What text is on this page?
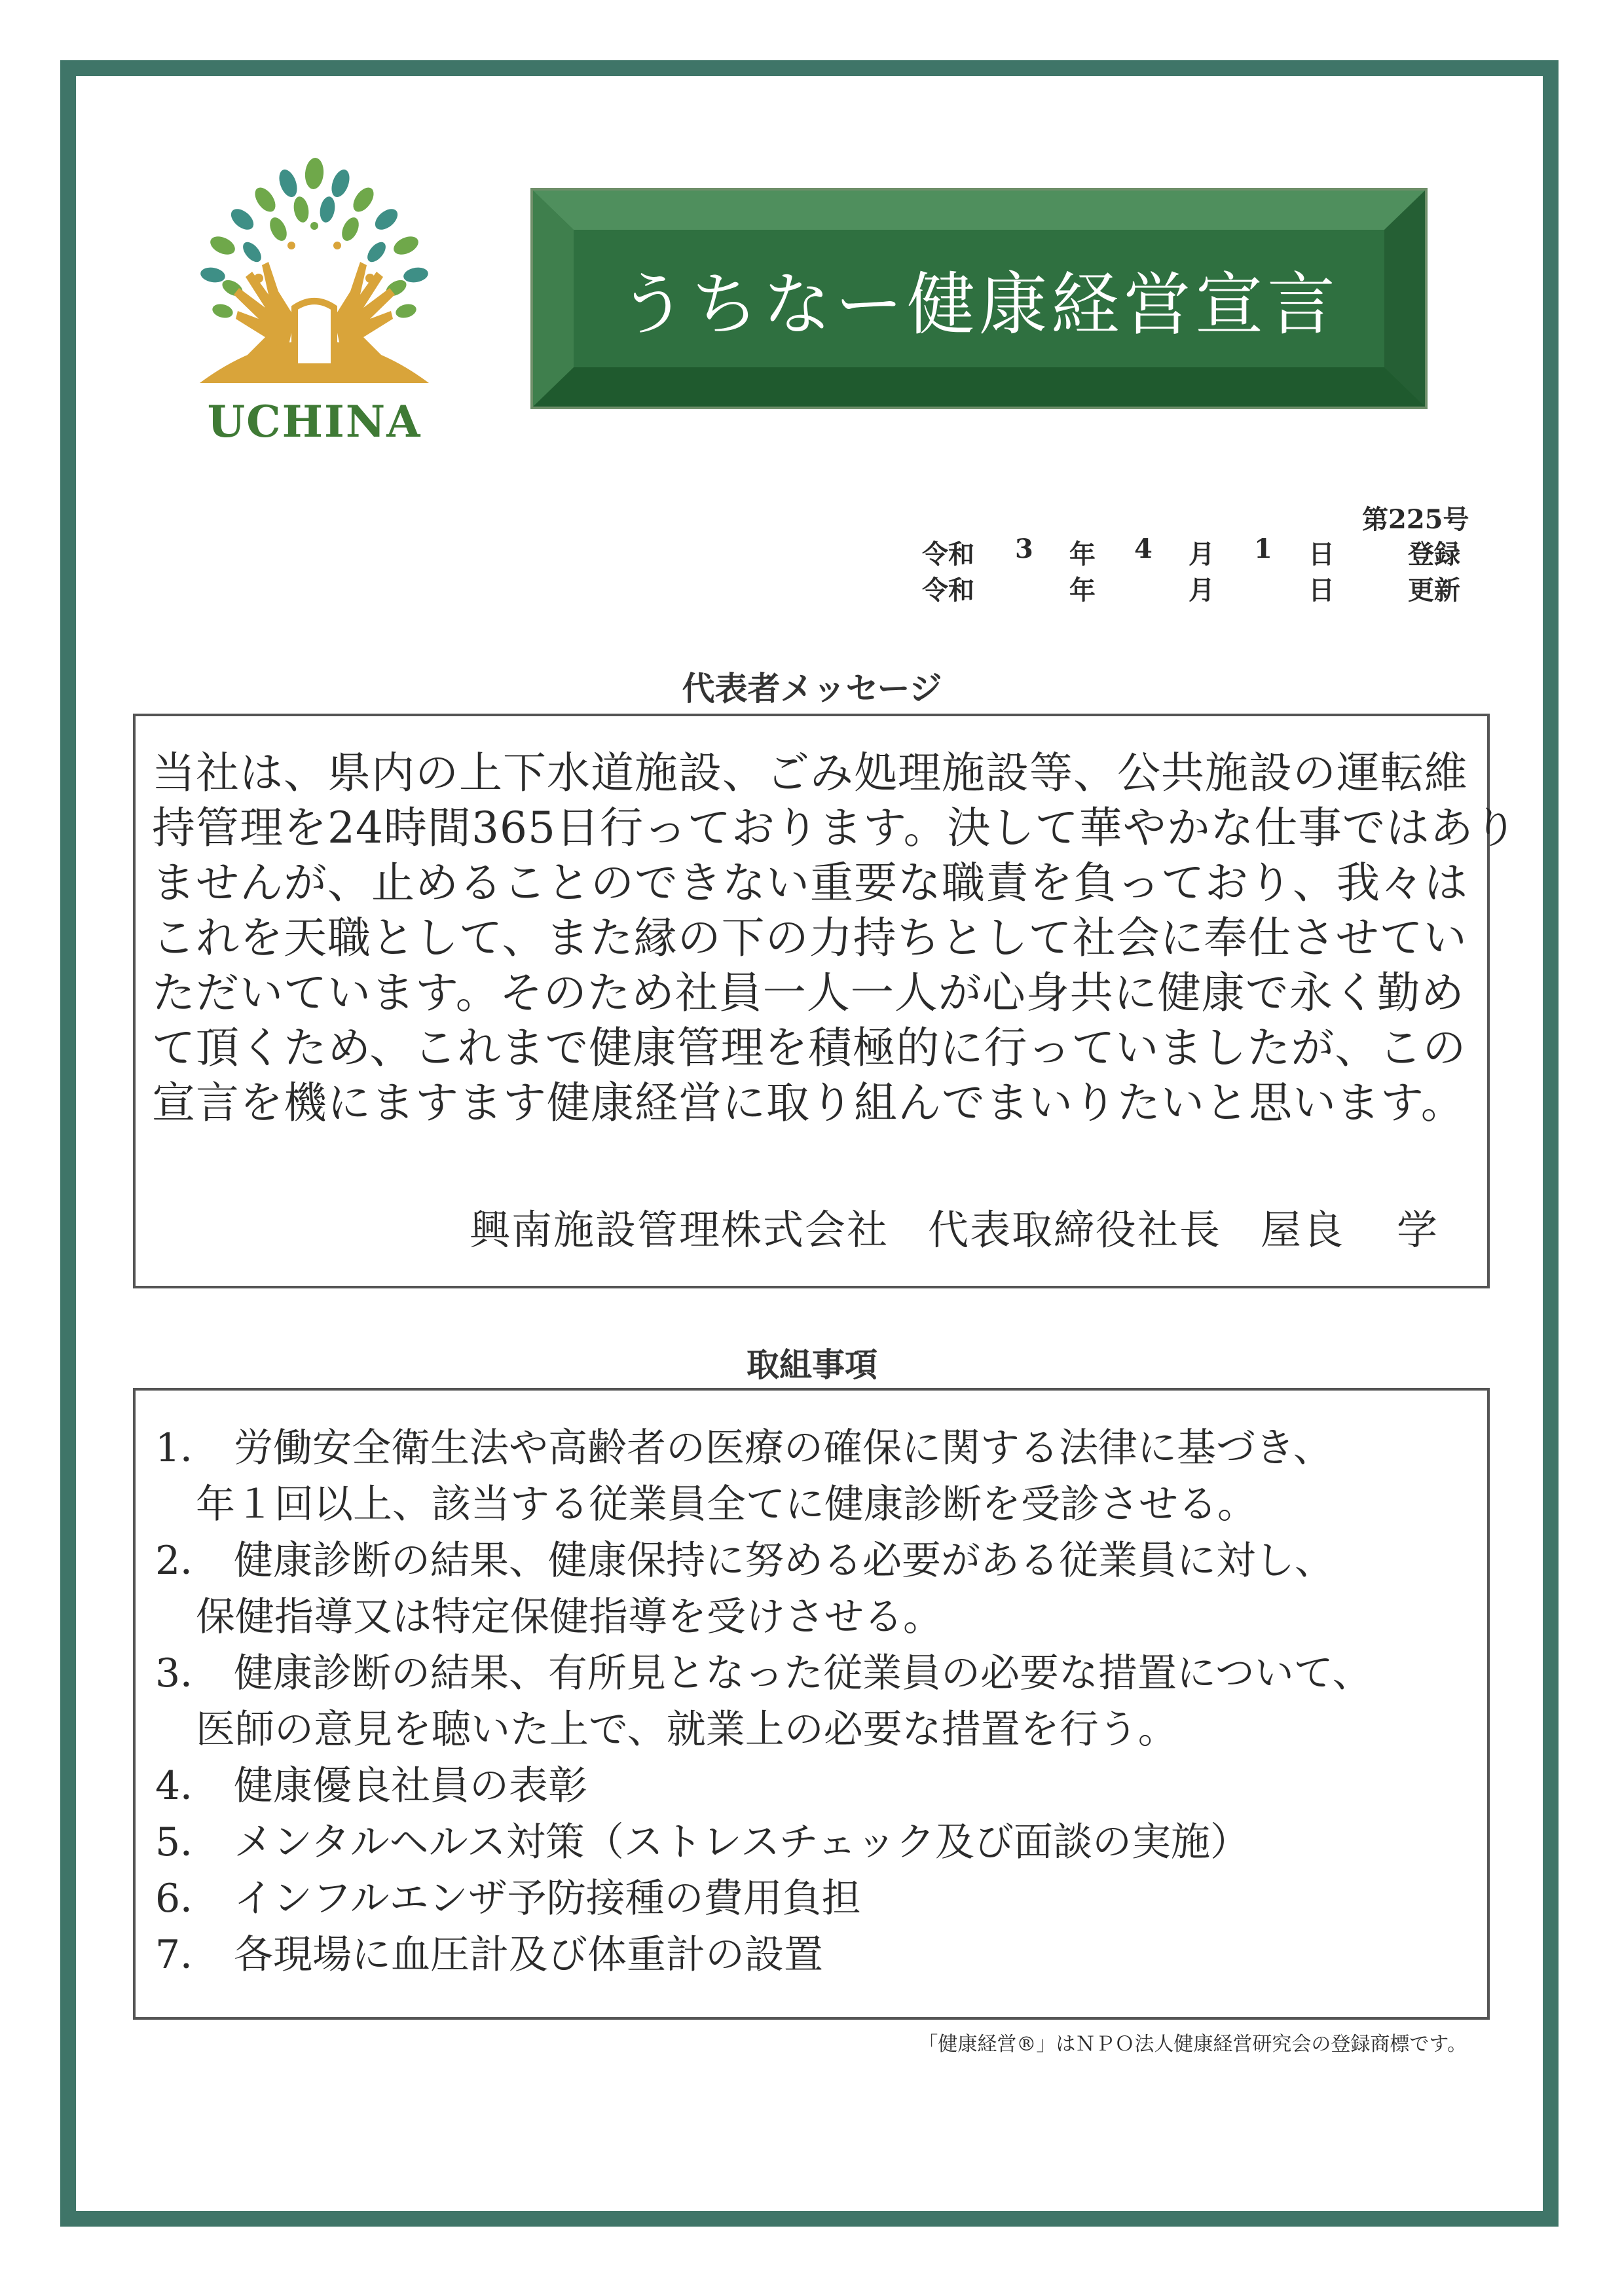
UCHINA
うちなー健康経営宣言
第225号
令和 3 年 4 月 1 日	登録
令和	年	月	日	更新
代表者メッセージ
当社は、県内の上下水道施設、ごみ処理施設等、公共施設の運転維
持管理を24時間365日行っております。決して華やかな仕事ではあり
ませんが、止めることのできない重要な職責を負っており、我々は
これを天職として、また縁の下の力持ちとして社会に奉仕させてい
ただいています。そのため社員一人一人が心身共に健康で永く勤め
て頂くため、これまで健康管理を積極的に行っていましたが、この
宣言を機にますます健康経営に取り組んでまいりたいと思います。
興南施設管理株式会社 代表取締役社長 屋良 学
取組事項
1． 労働安全衛生法や高齢者の医療の確保に関する法律に基づき、
年１回以上、該当する従業員全てに健康診断を受診させる。
2． 健康診断の結果、健康保持に努める必要がある従業員に対し、
保健指導又は特定保健指導を受けさせる。
3． 健康診断の結果、有所見となった従業員の必要な措置について、
医師の意見を聴いた上で、就業上の必要な措置を行う。
4． 健康優良社員の表彰
5． メンタルヘルス対策（ストレスチェック及び面談の実施）
6． インフルエンザ予防接種の費用負担
7． 各現場に血圧計及び体重計の設置
「健康経営®」はＮＰＯ法人健康経営研究会の登録商標です。
